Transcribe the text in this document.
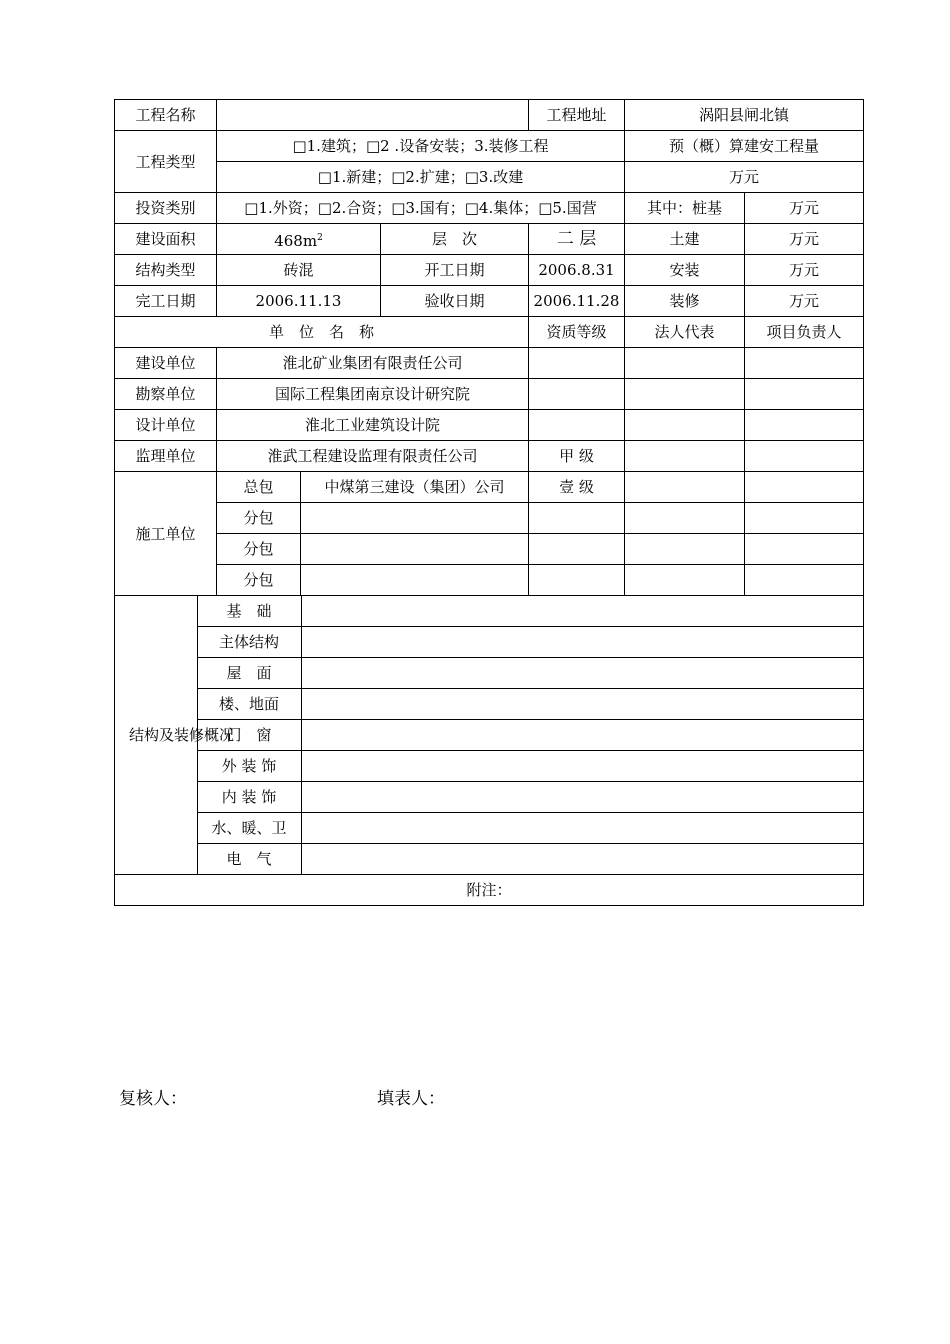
工程名称		工程地址	涡阳县闸北镇
工程类型	□1.建筑；□2 .设备安装；3.装修工程	预（概）算建安工程量
□1.新建；□2.扩建；□3.改建	万元
投资类别	□1.外资；□2.合资；□3.国有；□4.集体；□5.国营	其中：桩基	万元
建设面积	$468m^2$	层　次	二 层	土建	万元
结构类型	砖混	开工日期	2006.8.31	安装	万元
完工日期	2006.11.13	验收日期	2006.11.28	装修	万元
单　位　名　称	资质等级	法人代表	项目负责人
建设单位	淮北矿业集团有限责任公司			
勘察单位	国际工程集团南京设计研究院			
设计单位	淮北工业建筑设计院			
监理单位	淮武工程建设监理有限责任公司	甲 级		
施工单位	总包	中煤第三建设（集团）公司	壹 级		
分包				
分包				
分包				

结构及装修概况	基　础	
主体结构	
屋　面	
楼、地面	
门　窗	
外 装 饰	
内 装 饰	
水、暖、卫	
电　气	

附注：
复核人：	填表人：
